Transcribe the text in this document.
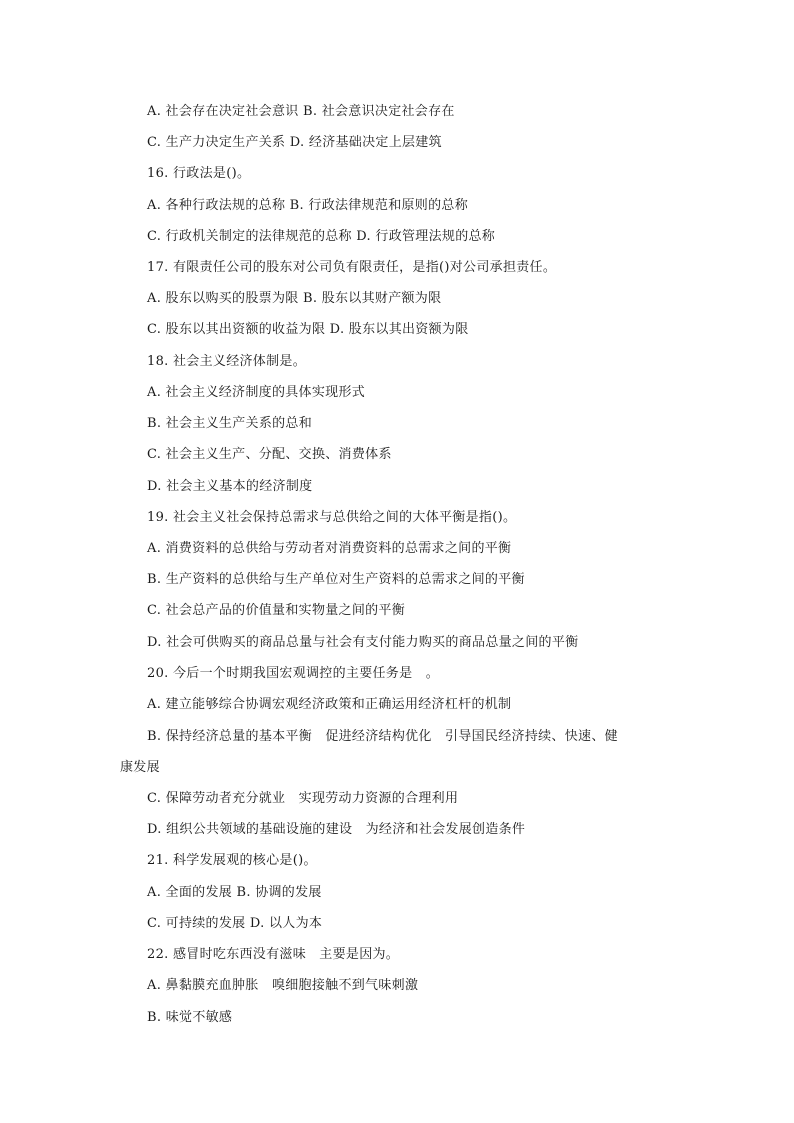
A. 社会存在决定社会意识 B. 社会意识决定社会存在
C. 生产力决定生产关系 D. 经济基础决定上层建筑
16. 行政法是()。
A. 各种行政法规的总称 B. 行政法律规范和原则的总称
C. 行政机关制定的法律规范的总称 D. 行政管理法规的总称
17. 有限责任公司的股东对公司负有限责任，是指()对公司承担责任。
A. 股东以购买的股票为限 B. 股东以其财产额为限
C. 股东以其出资额的收益为限 D. 股东以其出资额为限
18. 社会主义经济体制是。
A. 社会主义经济制度的具体实现形式
B. 社会主义生产关系的总和
C. 社会主义生产、分配、交换、消费体系
D. 社会主义基本的经济制度
19. 社会主义社会保持总需求与总供给之间的大体平衡是指()。
A. 消费资料的总供给与劳动者对消费资料的总需求之间的平衡
B. 生产资料的总供给与生产单位对生产资料的总需求之间的平衡
C. 社会总产品的价值量和实物量之间的平衡
D. 社会可供购买的商品总量与社会有支付能力购买的商品总量之间的平衡
20. 今后一个时期我国宏观调控的主要任务是　。
A. 建立能够综合协调宏观经济政策和正确运用经济杠杆的机制
B. 保持经济总量的基本平衡　促进经济结构优化　引导国民经济持续、快速、健
康发展
C. 保障劳动者充分就业　实现劳动力资源的合理利用
D. 组织公共领域的基础设施的建设　为经济和社会发展创造条件
21. 科学发展观的核心是()。
A. 全面的发展 B. 协调的发展
C. 可持续的发展 D. 以人为本
22. 感冒时吃东西没有滋味　主要是因为。
A. 鼻黏膜充血肿胀　嗅细胞接触不到气味刺激
B. 味觉不敏感
